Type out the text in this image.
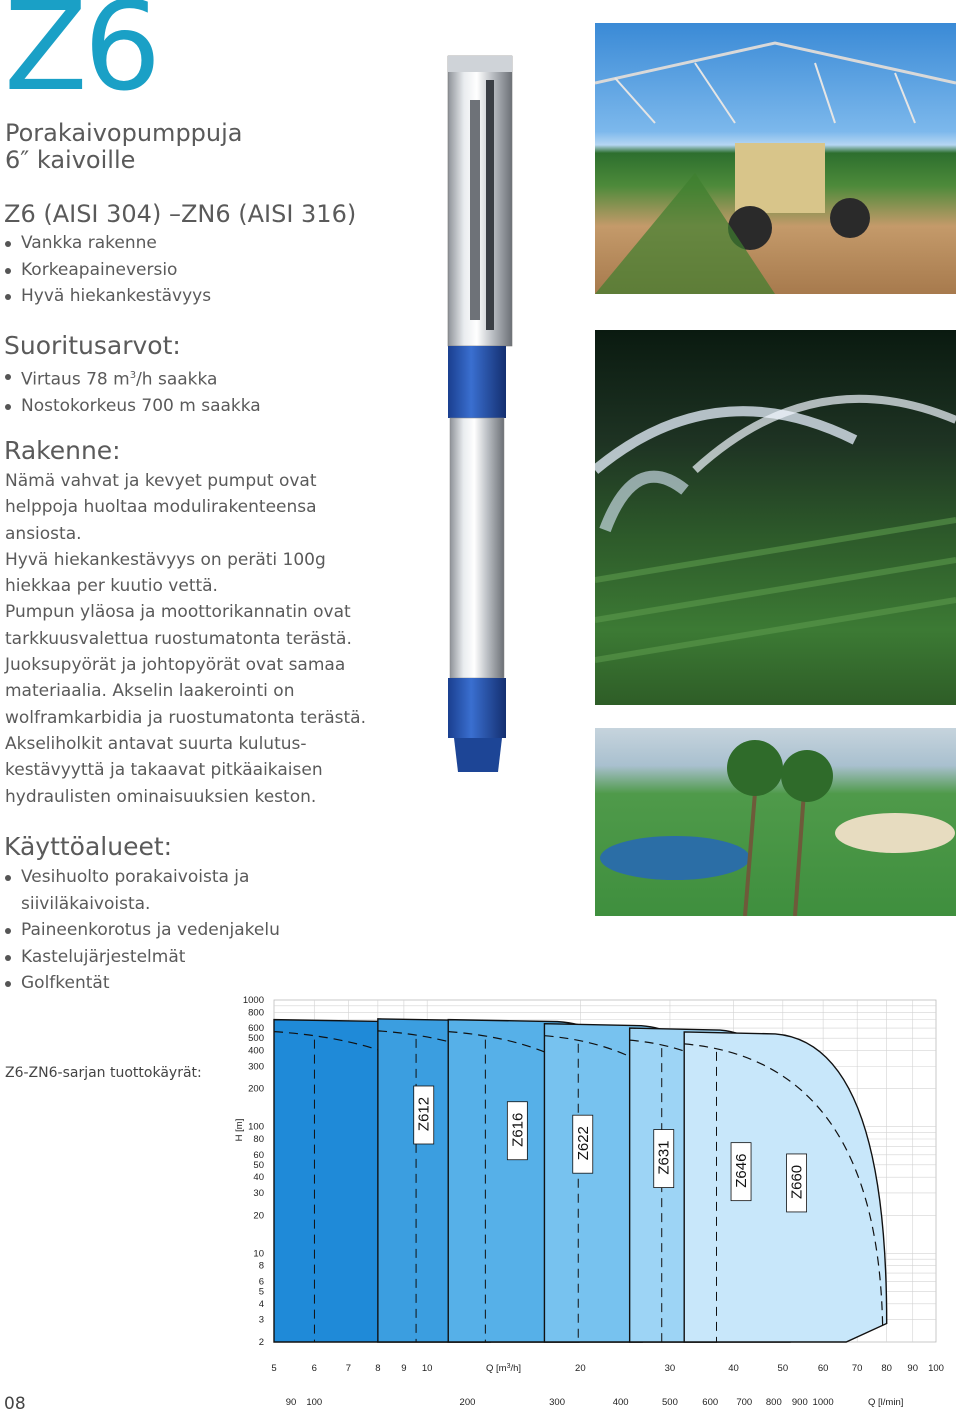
Z6
Porakaivopumppuja
6″ kaivoille
Z6 (AISI 304) –ZN6 (AISI 316)
Vankka rakenne
Korkeapaineversio
Hyvä hiekankestävyys
Suoritusarvot:
Virtaus 78 $m^3/h$ saakka
Nostokorkeus 700 m saakka
Rakenne:

Nämä vahvat ja kevyet pumput ovat

helppoja huoltaa modulirakenteensa

ansiosta.

Hyvä hiekankestävyys on peräti 100g

hiekkaa per kuutio vettä.

Pumpun yläosa ja moottorikannatin ovat

tarkkuusvalettua ruostumatonta terästä.

Juoksupyörät ja johtopyörät ovat samaa

materiaalia. Akselin laakerointi on

wolframkarbidia ja ruostumatonta terästä.

Akseliholkit antavat suurta kulutus-

kestävyyttä ja takaavat pitkäaikaisen

hydraulisten ominaisuuksien keston.

Käyttöalueet:
Vesihuolto porakaivoista ja
siiviläkaivoista.
Paineenkorotus ja vedenjakelu
Kastelujärjestelmät
Golfkentät
Z6-ZN6-sarjan tuottokäyrät:
08
1000
800
600
500
400
300
200
100
80
60
50
40
30
20
10
8
6
5
4
3
2
5	6	7	8 9 10	20	30	40	50	60 70 80 90 100
90 100	200	300	400	500	600 700 800 900 1000
Z612	Z616	Z622	Z631	Z646	Z660
H [m]
Q $[m^3/h]$
Q [l/min]
